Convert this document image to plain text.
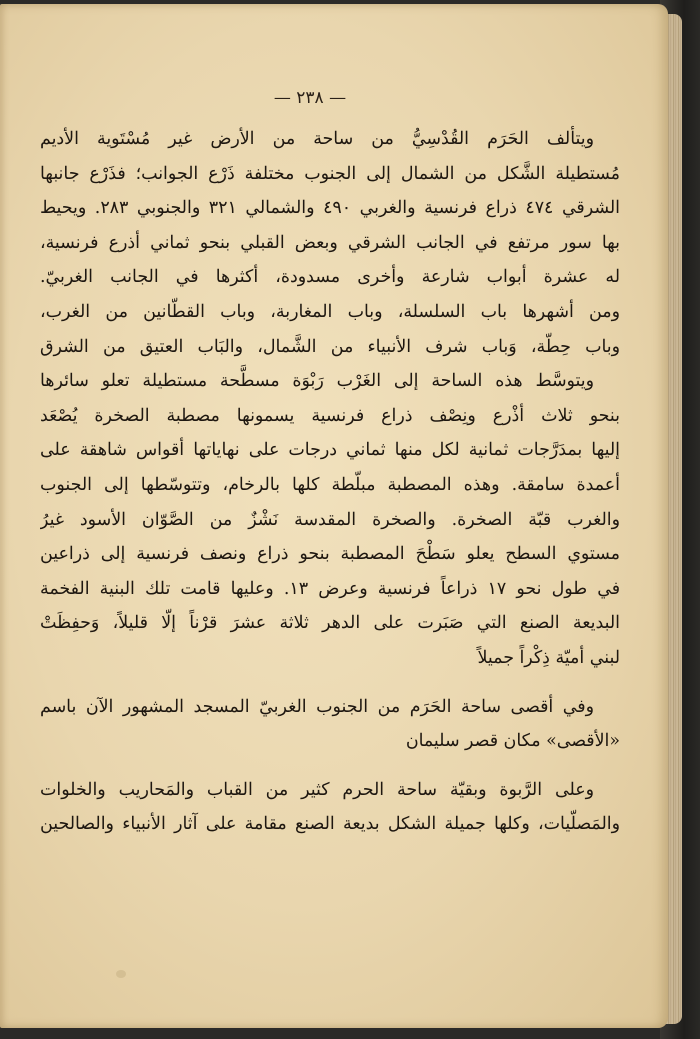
— ٢٣٨ —
ويتألف الحَرَم القُدْسِيُّ من ساحة من الأرض غير مُسْتَوية الأديم
مُستطيلة الشَّكل من الشمال إلى الجنوب مختلفة ذَرْع الجوانب؛ فذَرْع جانبها
الشرقي ٤٧٤ ذراع فرنسية والغربي ٤٩٠ والشمالي ٣٢١ والجنوبي ٢٨٣. ويحيط
بها سور مرتفع في الجانب الشرقي وبعض القبلي بنحو ثماني أذرع فرنسية،
له عشرة أبواب شارعة وأخرى مسدودة، أكثرها في الجانب الغربيّ.
ومن أشهرها باب السلسلة، وباب المغاربة، وباب القطّانين من الغرب،
وباب حِطّة، وَباب شرف الأنبياء من الشَّمال، والبَاب العتيق من الشرق
ويتوسَّط هذه الساحة إلى الغَرْب رَبْوَة مسطَّحة مستطيلة تعلو سائرها
بنحو ثلاث أذْرع ونِصْف ذراع فرنسية يسمونها مصطبة الصخرة يُصْعَد
إليها بمدَرَّجات ثمانية لكل منها ثماني درجات على نهاياتها أقواس شاهقة على
أعمدة سامقة. وهذه المصطبة مبلّطة كلها بالرخام، وتتوسّطها إلى الجنوب
والغرب قبّة الصخرة. والصخرة المقدسة نَشْزٌ من الصَّوّان الأسود غيرُ
مستوي السطح يعلو سَطْحَ المصطبة بنحو ذراع ونصف فرنسية إلى ذراعين
في طول نحو ١٧ ذراعاً فرنسية وعرض ١٣. وعليها قامت تلك البنية الفخمة
البديعة الصنع التي صَبَرت على الدهر ثلاثة عشرَ قرْناً إلّا قليلاً، وَحفِظَتْ
لبني أميّة ذِكْراً جميلاً
وفي أقصى ساحة الحَرَم من الجنوب الغربيّ المسجد المشهور الآن باسم
«الأقصى» مكان قصر سليمان
وعلى الرَّبوة وبقيّة ساحة الحرم كثير من القباب والمَحاريب والخلوات
والمَصلّيات، وكلها جميلة الشكل بديعة الصنع مقامة على آثار الأنبياء والصالحين
